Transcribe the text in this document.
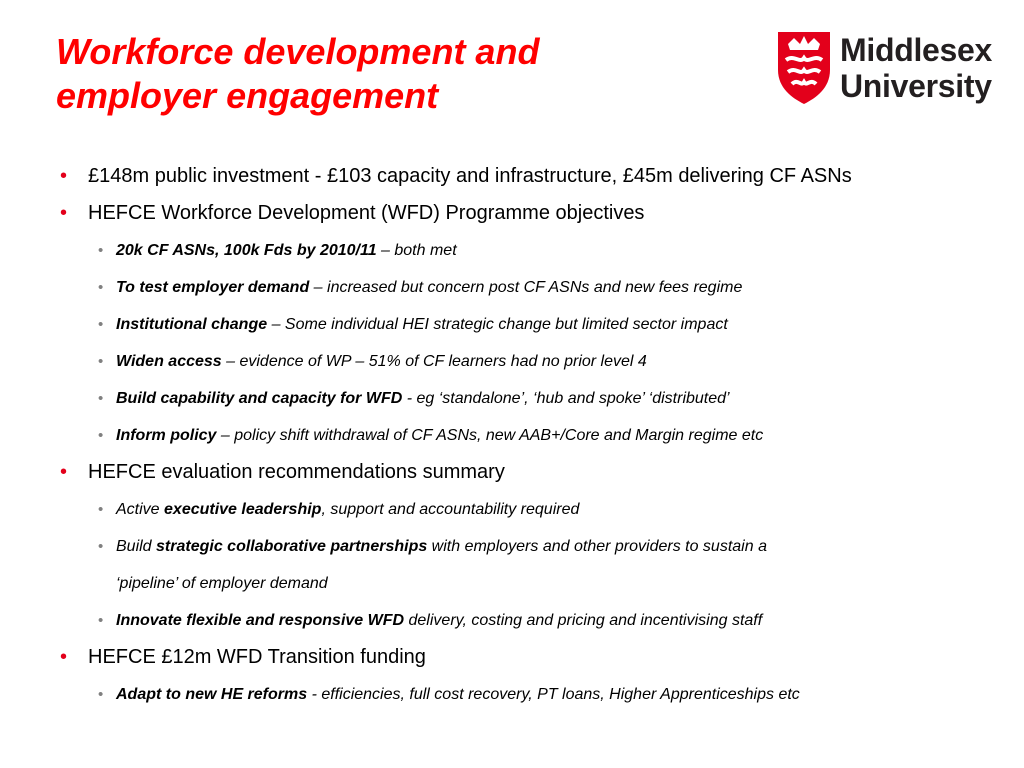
Workforce development and
employer engagement
Middlesex
University
• £148m public investment - £103 capacity and infrastructure, £45m delivering CF ASNs
• HEFCE Workforce Development (WFD) Programme objectives
• 20k CF ASNs, 100k Fds by 2010/11 – both met
• To test employer demand – increased but concern post CF ASNs and new fees regime
• Institutional change – Some individual HEI strategic change but limited sector impact
• Widen access – evidence of WP – 51% of CF learners had no prior level 4
• Build capability and capacity for WFD - eg ‘standalone’, ‘hub and spoke’ ‘distributed’
• Inform policy – policy shift withdrawal of CF ASNs, new AAB+/Core and Margin regime etc
• HEFCE evaluation recommendations summary
• Active executive leadership, support and accountability required
• Build strategic collaborative partnerships with employers and other providers to sustain a
‘pipeline’ of employer demand
• Innovate flexible and responsive WFD delivery, costing and pricing and incentivising staff
• HEFCE £12m WFD Transition funding
• Adapt to new HE reforms - efficiencies, full cost recovery, PT loans, Higher Apprenticeships etc
